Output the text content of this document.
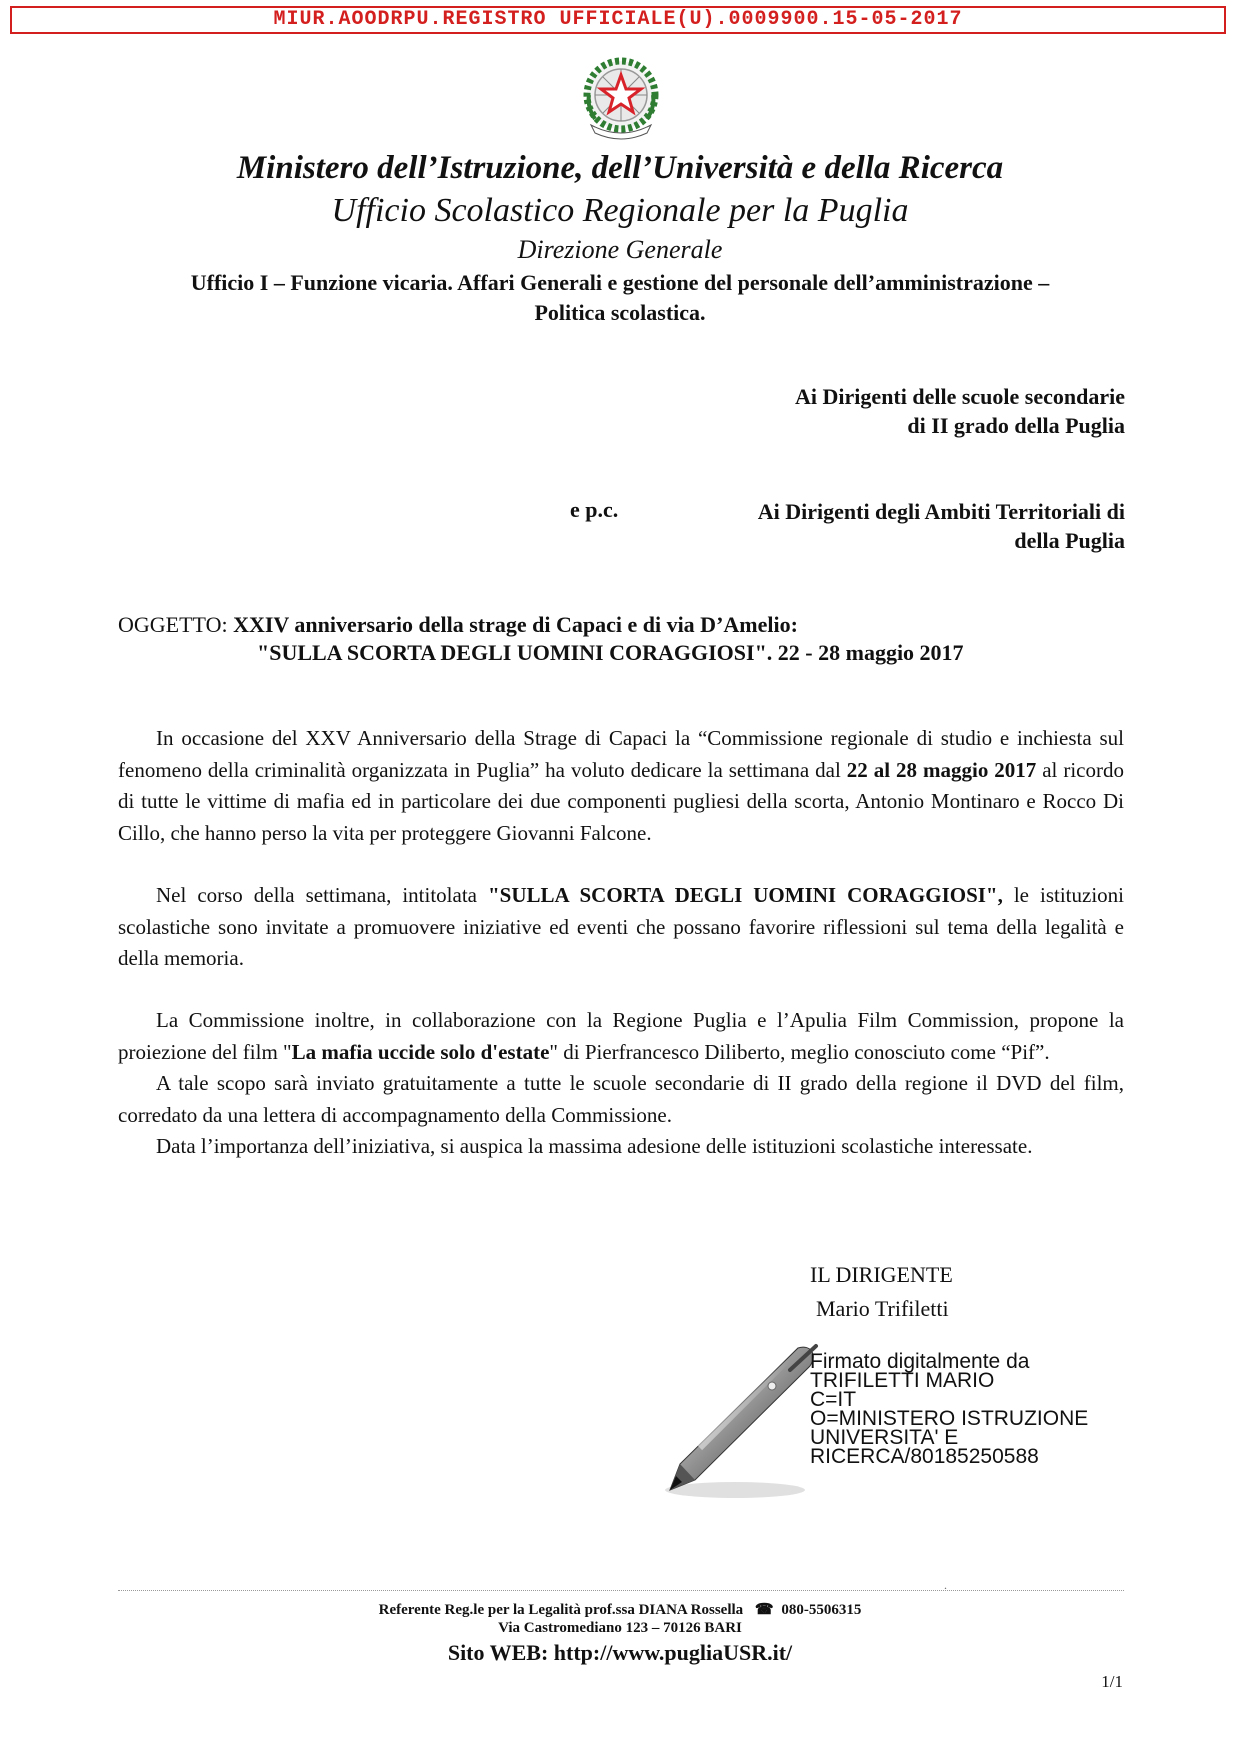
MIUR.AOODRPU.REGISTRO UFFICIALE(U).0009900.15-05-2017
Ministero dell’Istruzione, dell’Università e della Ricerca
Ufficio Scolastico Regionale per la Puglia
Direzione Generale
Ufficio I – Funzione vicaria. Affari Generali e gestione del personale dell’amministrazione –
Politica scolastica.
Ai Dirigenti delle scuole secondarie
di II grado della Puglia
e p.c.	Ai Dirigenti degli Ambiti Territoriali di
della Puglia
OGGETTO: XXIV anniversario della strage di Capaci e di via D’Amelio:
"SULLA SCORTA DEGLI UOMINI CORAGGIOSI". 22 - 28 maggio 2017

In occasione del XXV Anniversario della Strage di Capaci la “Commissione regionale di studio e inchiesta sul fenomeno della criminalità organizzata in Puglia” ha voluto dedicare la settimana dal 22 al 28 maggio 2017 al ricordo di tutte le vittime di mafia ed in particolare dei due componenti pugliesi della scorta, Antonio Montinaro e Rocco Di Cillo, che hanno perso la vita per proteggere Giovanni Falcone.

Nel corso della settimana, intitolata "SULLA SCORTA DEGLI UOMINI CORAGGIOSI", le istituzioni scolastiche sono invitate a promuovere iniziative ed eventi che possano favorire riflessioni sul tema della legalità e della memoria.

La Commissione inoltre, in collaborazione con la Regione Puglia e l’Apulia Film Commission, propone la proiezione del film "La mafia uccide solo d'estate" di Pierfrancesco Diliberto, meglio conosciuto come “Pif”.

A tale scopo sarà inviato gratuitamente a tutte le scuole secondarie di II grado della regione il DVD del film, corredato da una lettera di accompagnamento della Commissione.

Data l’importanza dell’iniziativa, si auspica la massima adesione delle istituzioni scolastiche interessate.

IL DIRIGENTE
Mario Trifiletti
Firmato digitalmente da
TRIFILETTI MARIO
C=IT
O=MINISTERO ISTRUZIONE
UNIVERSITA' E
RICERCA/80185250588
.
Referente Reg.le per la Legalità prof.ssa DIANA Rossella ☎ 080-5506315
Via Castromediano 123 – 70126 BARI
Sito WEB: http://www.pugliaUSR.it/
1/1
